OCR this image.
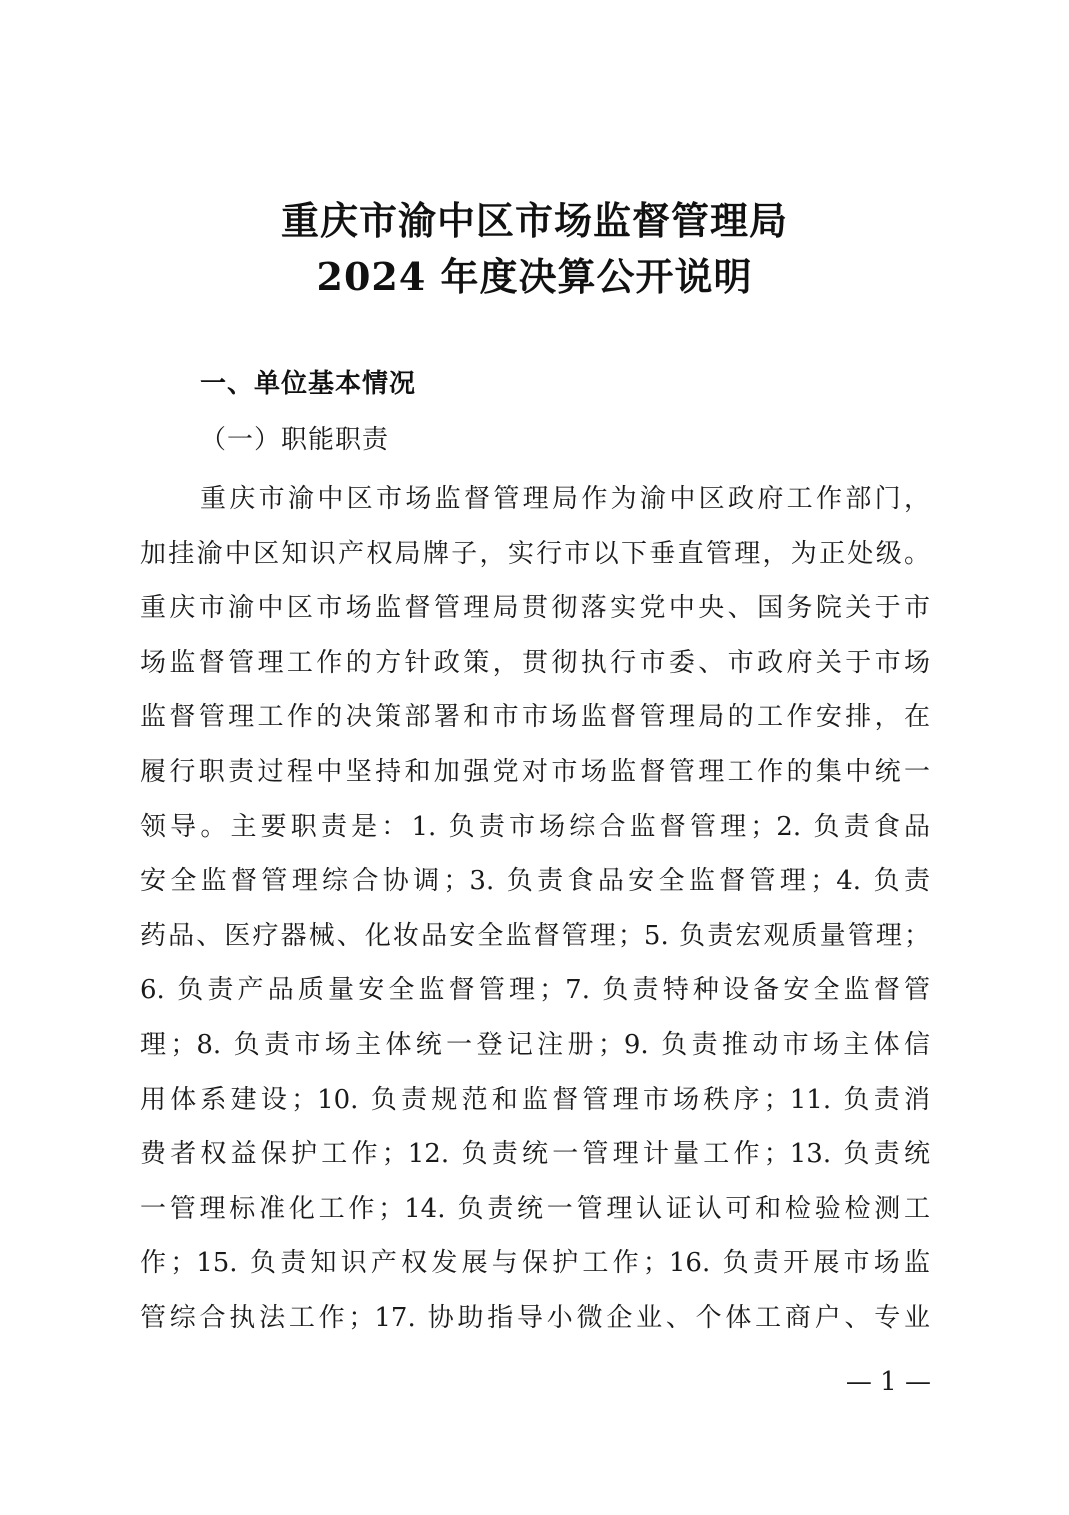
重庆市渝中区市场监督管理局
2024 年度决算公开说明
一、单位基本情况
（一）职能职责
重庆市渝中区市场监督管理局作为渝中区政府工作部门，
加挂渝中区知识产权局牌子，实行市以下垂直管理，为正处级。
重庆市渝中区市场监督管理局贯彻落实党中央、国务院关于市
场监督管理工作的方针政策，贯彻执行市委、市政府关于市场
监督管理工作的决策部署和市市场监督管理局的工作安排，在
履行职责过程中坚持和加强党对市场监督管理工作的集中统一
领导。主要职责是：1. 负责市场综合监督管理；2. 负责食品
安全监督管理综合协调；3. 负责食品安全监督管理；4. 负责
药品、医疗器械、化妆品安全监督管理；5. 负责宏观质量管理；
6. 负责产品质量安全监督管理；7. 负责特种设备安全监督管
理；8. 负责市场主体统一登记注册；9. 负责推动市场主体信
用体系建设；10. 负责规范和监督管理市场秩序；11. 负责消
费者权益保护工作；12. 负责统一管理计量工作；13. 负责统
一管理标准化工作；14. 负责统一管理认证认可和检验检测工
作；15. 负责知识产权发展与保护工作；16. 负责开展市场监
管综合执法工作；17. 协助指导小微企业、个体工商户、专业
— 1 —
